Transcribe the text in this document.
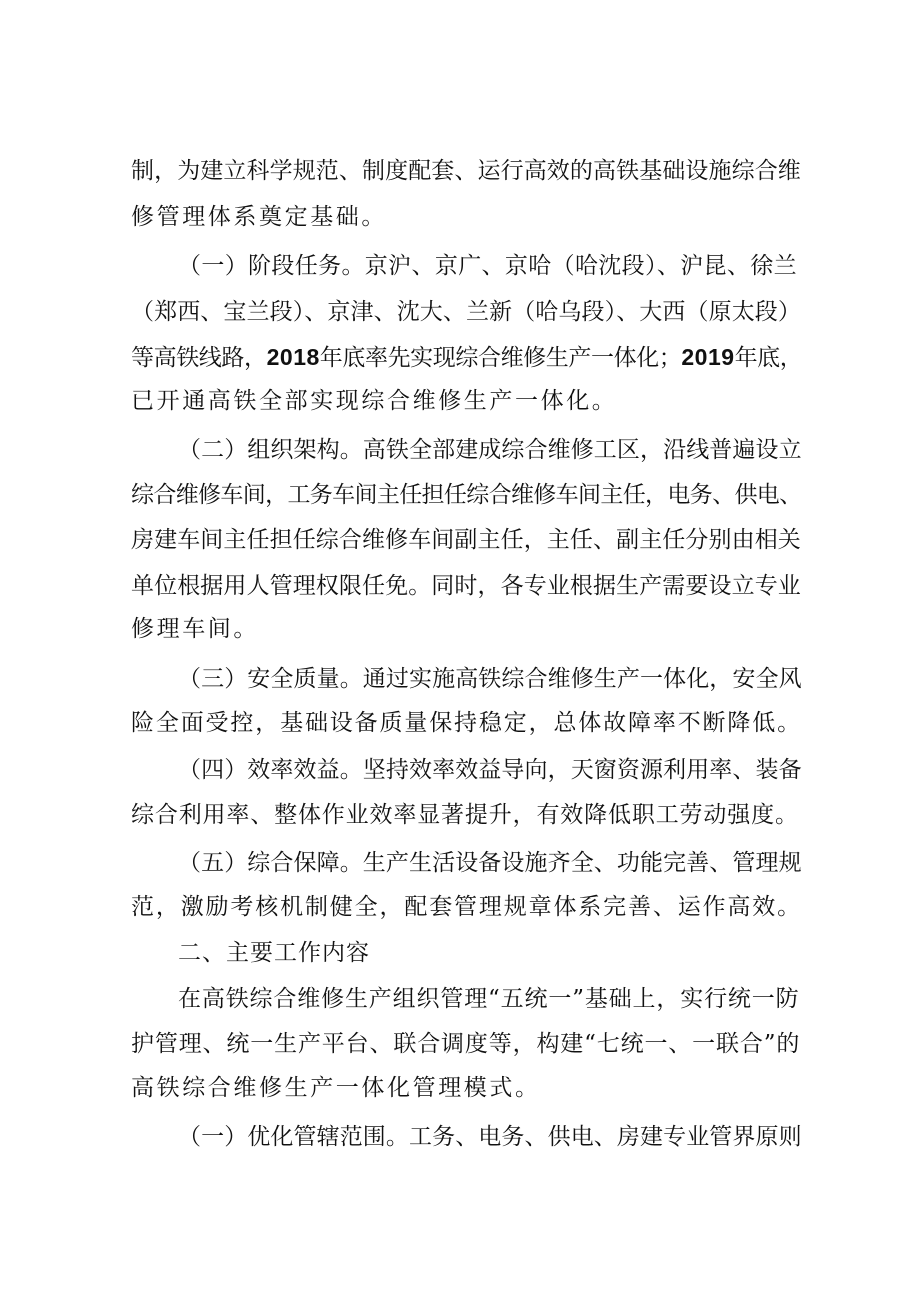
制，为建立科学规范、制度配套、运行高效的高铁基础设施综合维
修管理体系奠定基础。
（一）阶段任务。京沪、京广、京哈（哈沈段）、沪昆、徐兰
（郑西、宝兰段）、京津、沈大、兰新（哈乌段）、大西（原太段）
等高铁线路，2018年底率先实现综合维修生产一体化；2019年底，
已开通高铁全部实现综合维修生产一体化。
（二）组织架构。高铁全部建成综合维修工区，沿线普遍设立
综合维修车间，工务车间主任担任综合维修车间主任，电务、供电、
房建车间主任担任综合维修车间副主任，主任、副主任分别由相关
单位根据用人管理权限任免。同时，各专业根据生产需要设立专业
修理车间。
（三）安全质量。通过实施高铁综合维修生产一体化，安全风
险全面受控，基础设备质量保持稳定，总体故障率不断降低。
（四）效率效益。坚持效率效益导向，天窗资源利用率、装备
综合利用率、整体作业效率显著提升，有效降低职工劳动强度。
（五）综合保障。生产生活设备设施齐全、功能完善、管理规
范，激励考核机制健全，配套管理规章体系完善、运作高效。
二、主要工作内容
在高铁综合维修生产组织管理“五统一”基础上，实行统一防
护管理、统一生产平台、联合调度等，构建“七统一、一联合”的
高铁综合维修生产一体化管理模式。
（一）优化管辖范围。工务、电务、供电、房建专业管界原则
